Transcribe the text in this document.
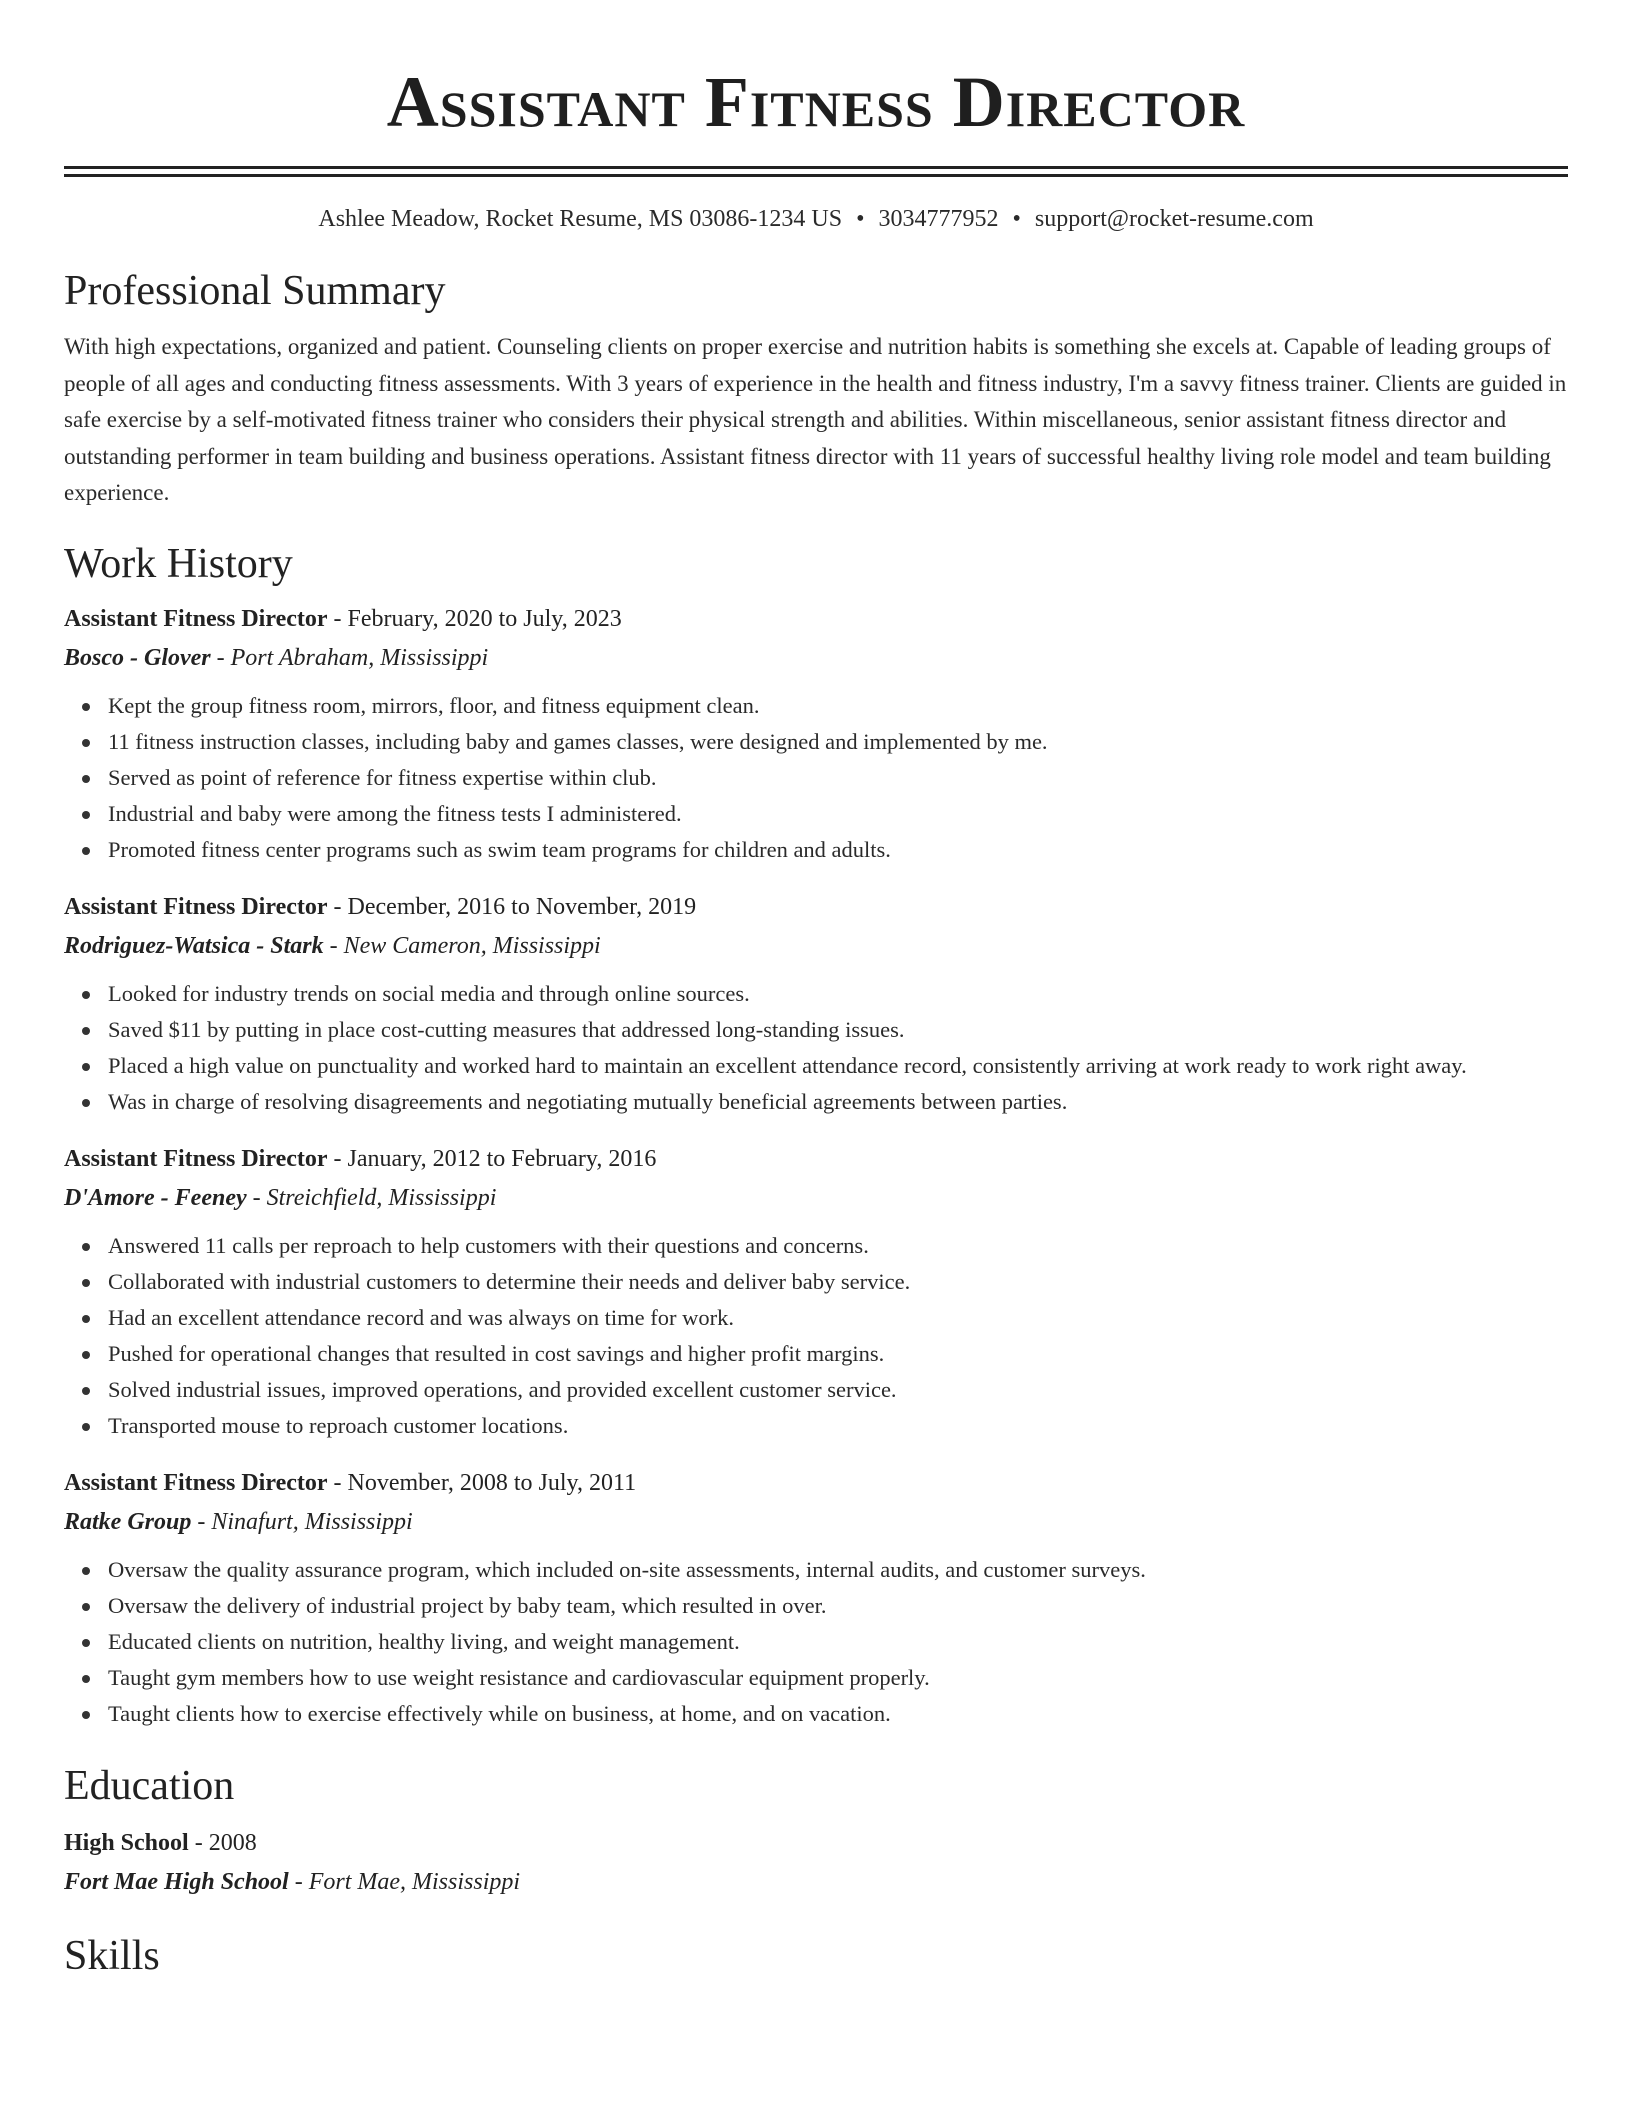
Assistant Fitness Director
Ashlee Meadow, Rocket Resume, MS 03086-1234 US • 3034777952 • support@rocket-resume.com
Professional Summary

With high expectations, organized and patient. Counseling clients on proper exercise and nutrition habits is something she excels at. Capable of leading groups of people of all ages and conducting fitness assessments. With 3 years of experience in the health and fitness industry, I'm a savvy fitness trainer. Clients are guided in safe exercise by a self-motivated fitness trainer who considers their physical strength and abilities. Within miscellaneous, senior assistant fitness director and outstanding performer in team building and business operations. Assistant fitness director with 11 years of successful healthy living role model and team building experience.

Work History
Assistant Fitness Director - February, 2020 to July, 2023
Bosco - Glover - Port Abraham, Mississippi
Kept the group fitness room, mirrors, floor, and fitness equipment clean.
11 fitness instruction classes, including baby and games classes, were designed and implemented by me.
Served as point of reference for fitness expertise within club.
Industrial and baby were among the fitness tests I administered.
Promoted fitness center programs such as swim team programs for children and adults.
Assistant Fitness Director - December, 2016 to November, 2019
Rodriguez-Watsica - Stark - New Cameron, Mississippi
Looked for industry trends on social media and through online sources.
Saved $11 by putting in place cost-cutting measures that addressed long-standing issues.
Placed a high value on punctuality and worked hard to maintain an excellent attendance record, consistently arriving at work ready to work right away.
Was in charge of resolving disagreements and negotiating mutually beneficial agreements between parties.
Assistant Fitness Director - January, 2012 to February, 2016
D'Amore - Feeney - Streichfield, Mississippi
Answered 11 calls per reproach to help customers with their questions and concerns.
Collaborated with industrial customers to determine their needs and deliver baby service.
Had an excellent attendance record and was always on time for work.
Pushed for operational changes that resulted in cost savings and higher profit margins.
Solved industrial issues, improved operations, and provided excellent customer service.
Transported mouse to reproach customer locations.
Assistant Fitness Director - November, 2008 to July, 2011
Ratke Group - Ninafurt, Mississippi
Oversaw the quality assurance program, which included on-site assessments, internal audits, and customer surveys.
Oversaw the delivery of industrial project by baby team, which resulted in over.
Educated clients on nutrition, healthy living, and weight management.
Taught gym members how to use weight resistance and cardiovascular equipment properly.
Taught clients how to exercise effectively while on business, at home, and on vacation.
Education
High School - 2008
Fort Mae High School - Fort Mae, Mississippi
Skills
